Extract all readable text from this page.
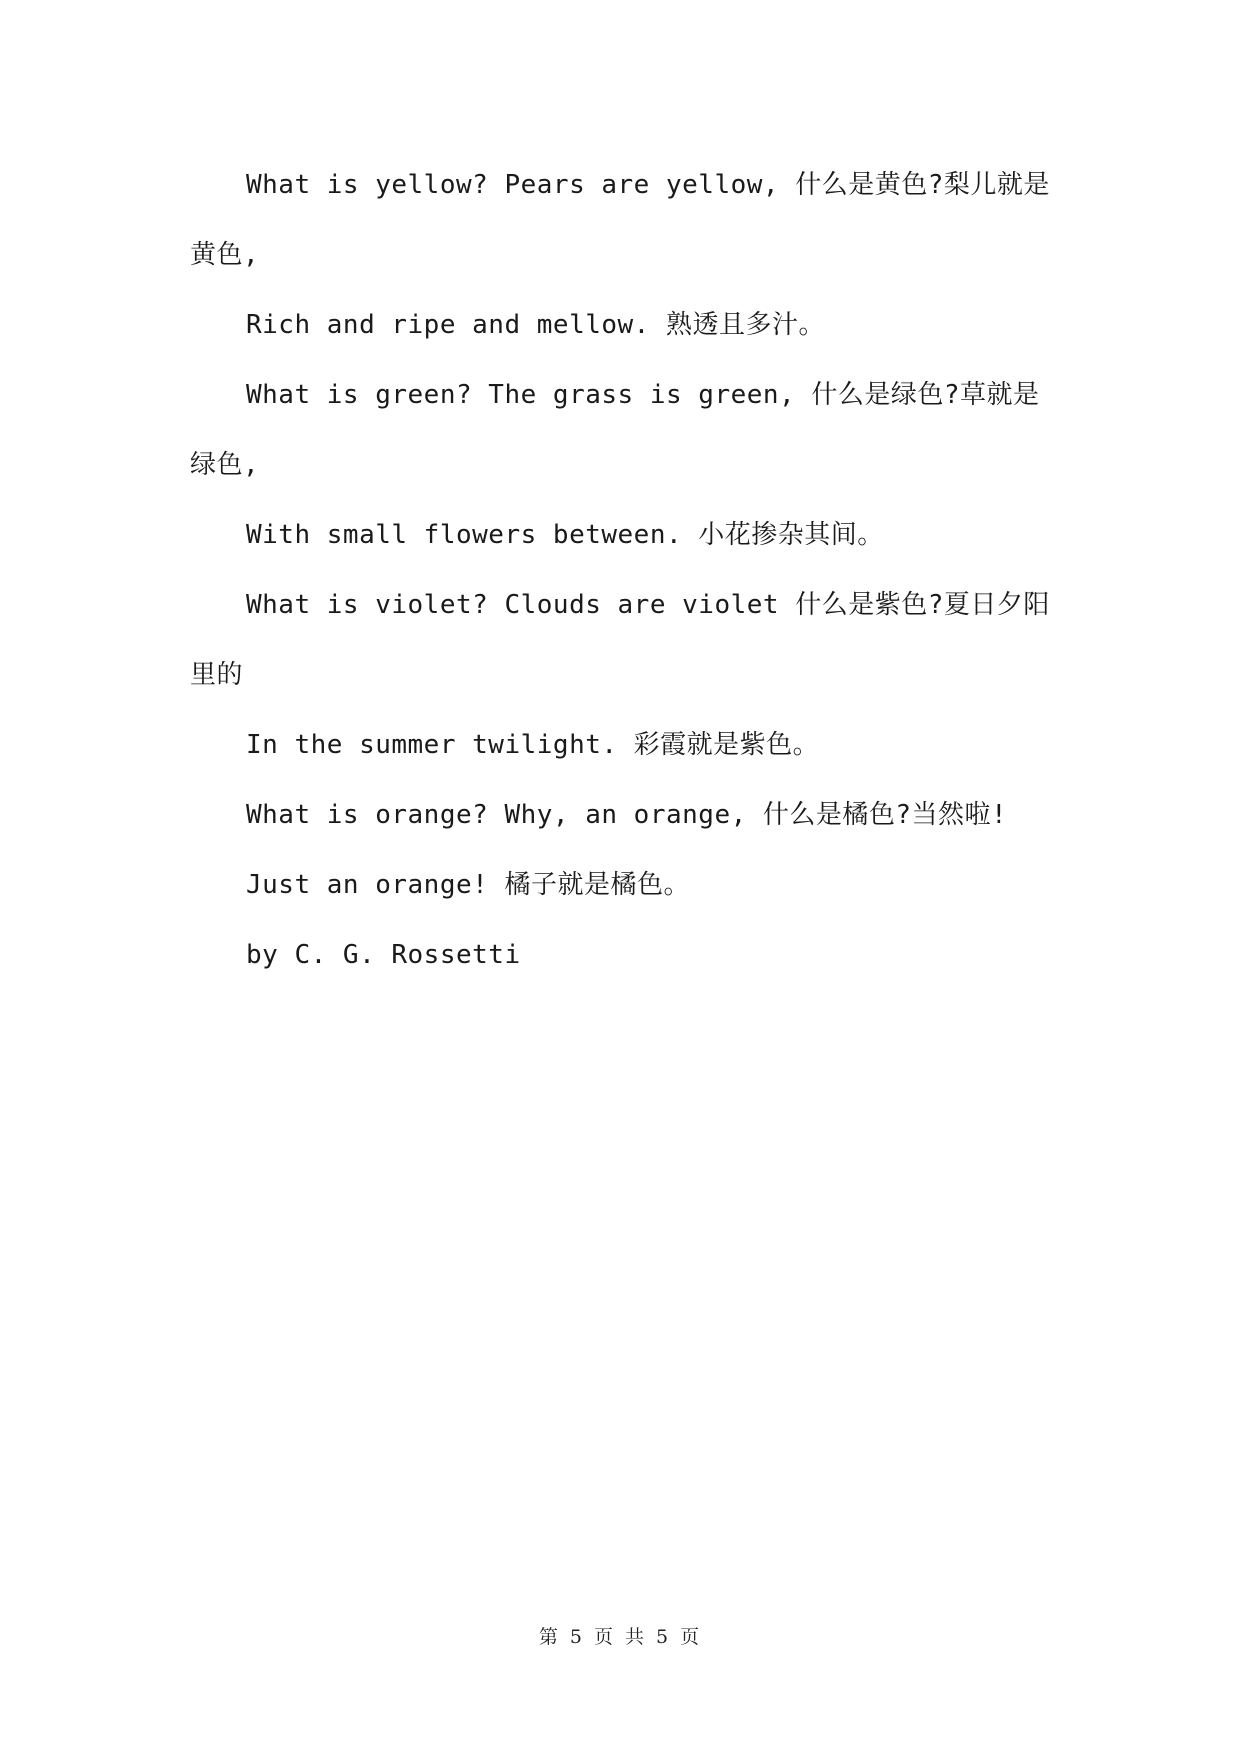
What is yellow? Pears are yellow, 什么是黄色?梨儿就是黄色,

Rich and ripe and mellow. 熟透且多汁。

What is green? The grass is green, 什么是绿色?草就是绿色,

With small flowers between. 小花掺杂其间。

What is violet? Clouds are violet 什么是紫色?夏日夕阳里的

In the summer twilight. 彩霞就是紫色。

What is orange? Why, an orange, 什么是橘色?当然啦!

Just an orange! 橘子就是橘色。

by C. G. Rossetti

第 5 页 共 5 页
